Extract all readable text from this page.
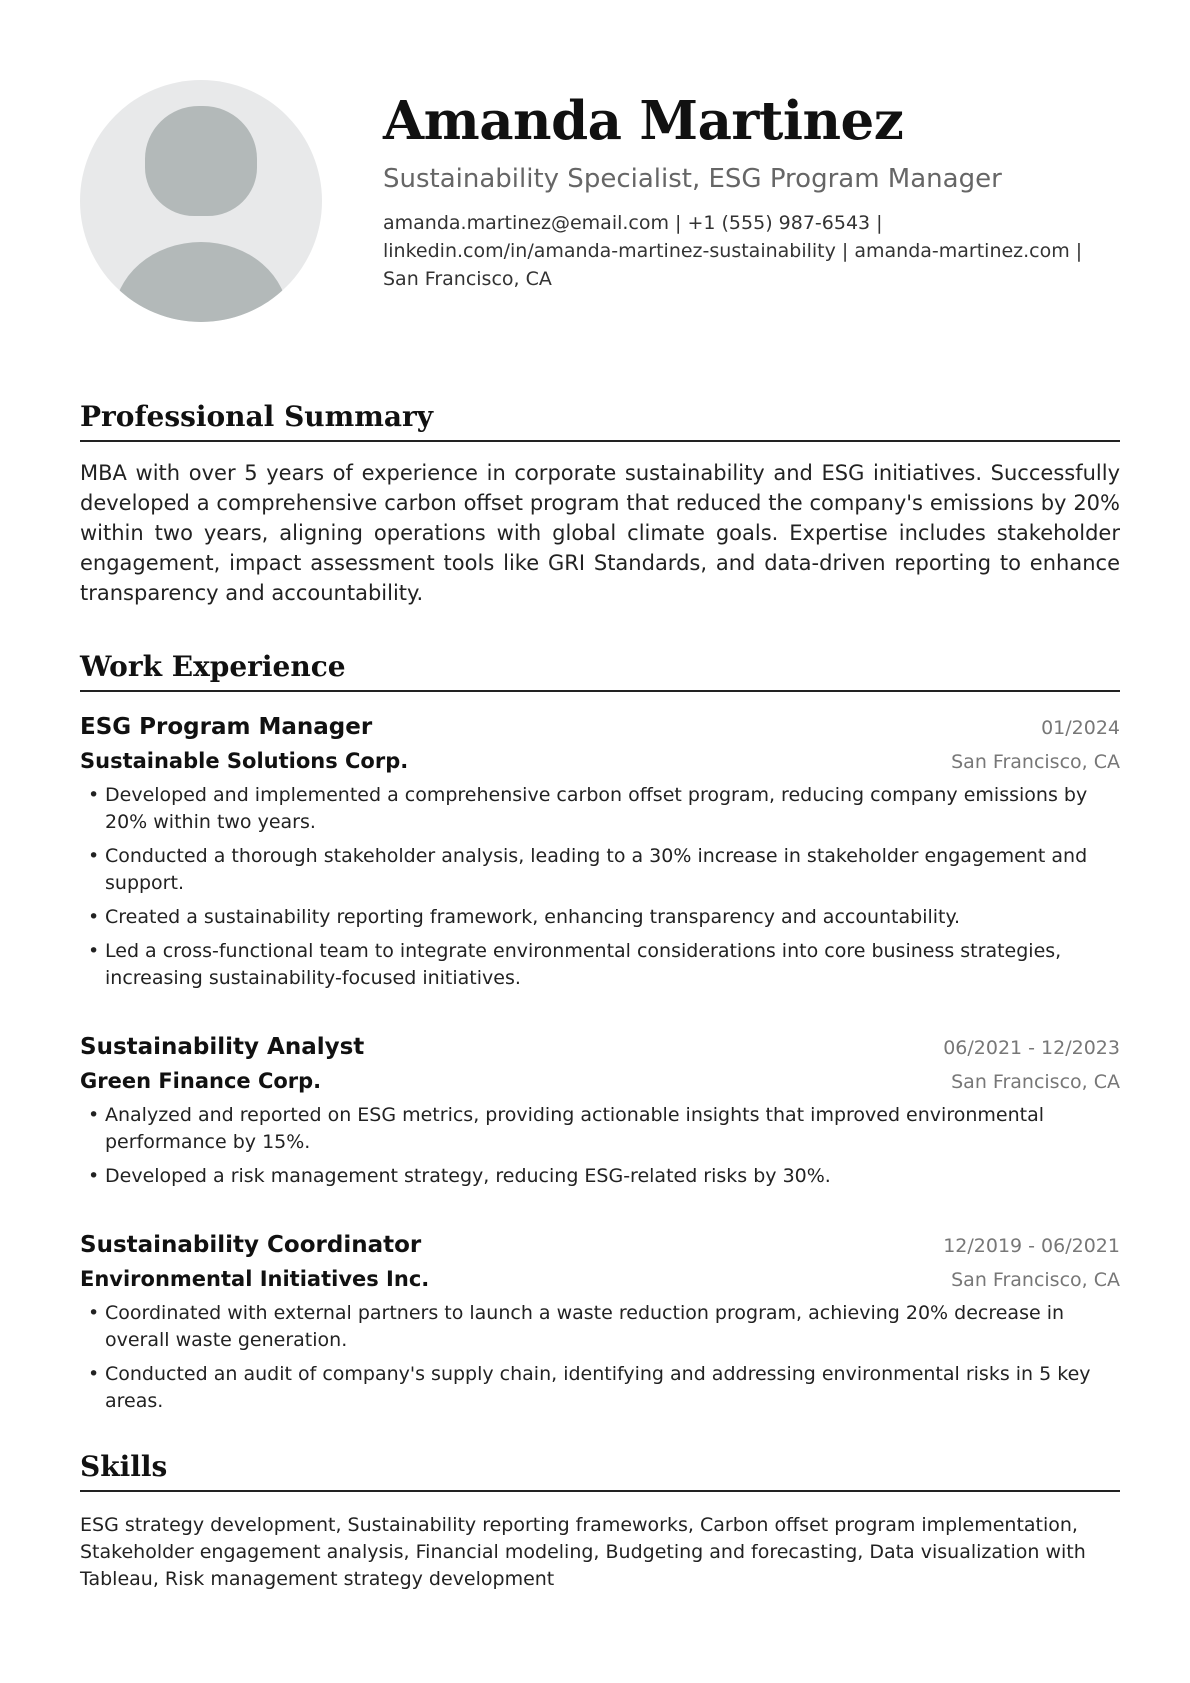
Amanda Martinez
Sustainability Specialist, ESG Program Manager
amanda.martinez@email.com | +1 (555) 987-6543 | linkedin.com/in/amanda-martinez-sustainability | amanda-martinez.com | San Francisco, CA
Professional Summary
MBA with over 5 years of experience in corporate sustainability and ESG initiatives. Successfully developed a comprehensive carbon offset program that reduced the company's emissions by 20% within two years, aligning operations with global climate goals. Expertise includes stakeholder engagement, impact assessment tools like GRI Standards, and data-driven reporting to enhance transparency and accountability.
Work Experience
ESG Program Manager	01/2024
Sustainable Solutions Corp.	San Francisco, CA
• Developed and implemented a comprehensive carbon offset program, reducing company emissions by 20% within two years.
• Conducted a thorough stakeholder analysis, leading to a 30% increase in stakeholder engagement and support.
• Created a sustainability reporting framework, enhancing transparency and accountability.
• Led a cross-functional team to integrate environmental considerations into core business strategies, increasing sustainability-focused initiatives.
Sustainability Analyst	06/2021 - 12/2023
Green Finance Corp.	San Francisco, CA
• Analyzed and reported on ESG metrics, providing actionable insights that improved environmental performance by 15%.
• Developed a risk management strategy, reducing ESG-related risks by 30%.
Sustainability Coordinator	12/2019 - 06/2021
Environmental Initiatives Inc.	San Francisco, CA
• Coordinated with external partners to launch a waste reduction program, achieving 20% decrease in overall waste generation.
• Conducted an audit of company's supply chain, identifying and addressing environmental risks in 5 key areas.
Skills
ESG strategy development, Sustainability reporting frameworks, Carbon offset program implementation, Stakeholder engagement analysis, Financial modeling, Budgeting and forecasting, Data visualization with Tableau, Risk management strategy development
